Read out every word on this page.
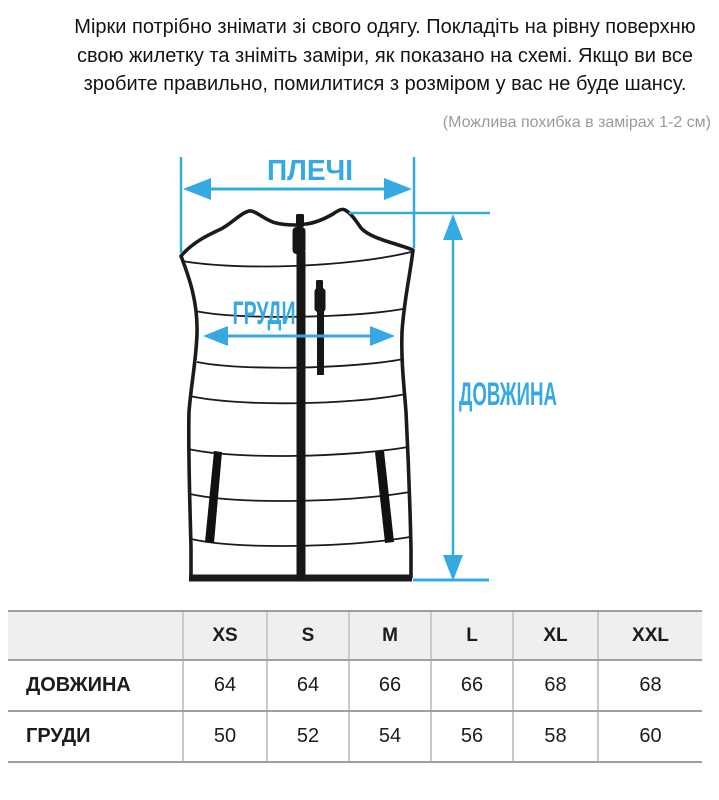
Мірки потрібно знімати зі свого одягу. Покладіть на рівну поверхню
свою жилетку та зніміть заміри, як показано на схемі. Якщо ви все
зробите правильно, помилитися з розміром у вас не буде шансу.
(Можлива похибка в замірах 1-2 см)
ПЛЕЧІ
ГРУДИ
ДОВЖИНА
	XS	S	M	L	XL	XXL
ДОВЖИНА	64	64	66	66	68	68
ГРУДИ	50	52	54	56	58	60
